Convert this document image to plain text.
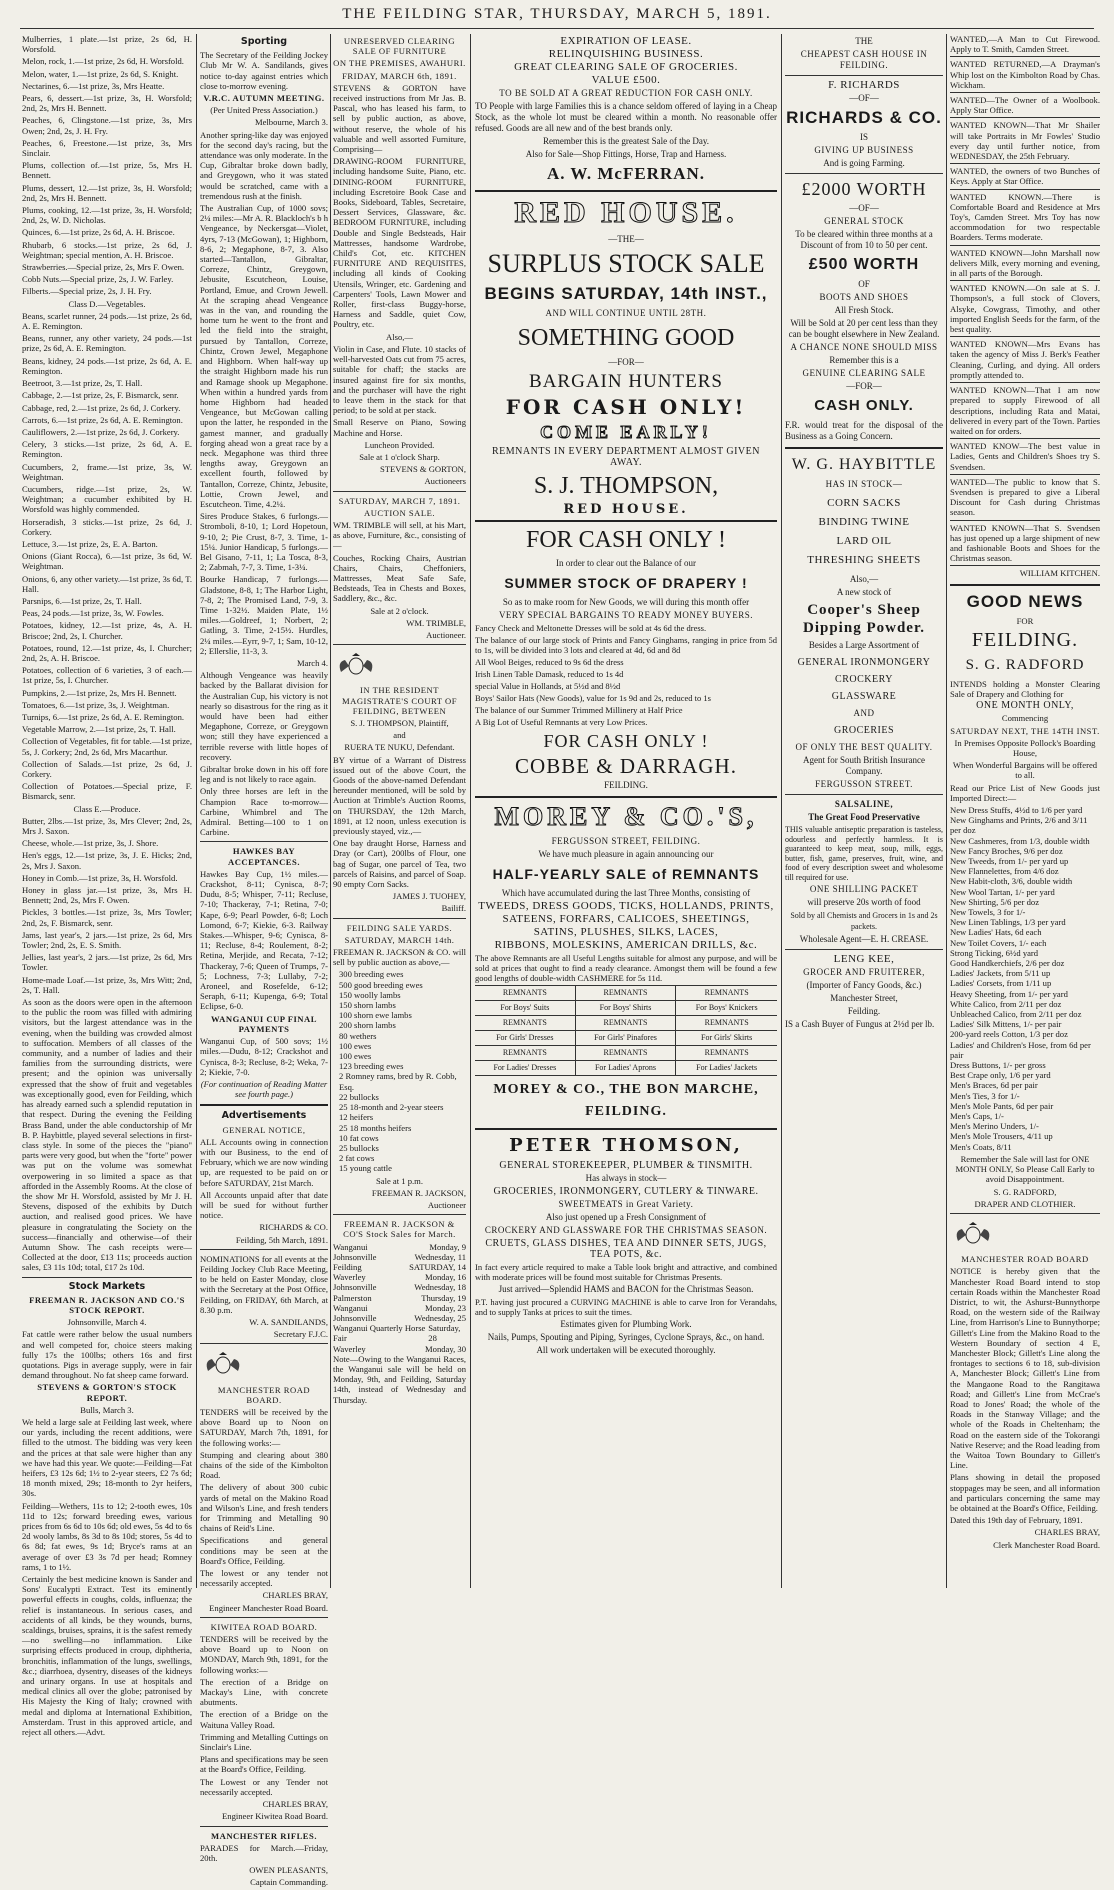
THE FEILDING STAR, THURSDAY, MARCH 5, 1891.

Mulberries, 1 plate.—1st prize, 2s 6d, H. Worsfold.

Melon, rock, 1.—1st prize, 2s 6d, H. Worsfold.

Melon, water, 1.—1st prize, 2s 6d, S. Knight.

Nectarines, 6.—1st prize, 3s, Mrs Heatte.

Pears, 6, dessert.—1st prize, 3s, H. Worsfold; 2nd, 2s, Mrs H. Bennett.

Peaches, 6, Clingstone.—1st prize, 3s, Mrs Owen; 2nd, 2s, J. H. Fry.

Peaches, 6, Freestone.—1st prize, 3s, Mrs Sinclair.

Plums, collection of.—1st prize, 5s, Mrs H. Bennett.

Plums, dessert, 12.—1st prize, 3s, H. Worsfold; 2nd, 2s, Mrs H. Bennett.

Plums, cooking, 12.—1st prize, 3s, H. Worsfold; 2nd, 2s, W. D. Nicholas.

Quinces, 6.—1st prize, 2s 6d, A. H. Briscoe.

Rhubarb, 6 stocks.—1st prize, 2s 6d, J. Weightman; special mention, A. H. Briscoe.

Strawberries.—Special prize, 2s, Mrs F. Owen.

Cobb Nuts.—Special prize, 2s, J. W. Farley.

Filberts.—Special prize, 2s, J. H. Fry.

Class D.—Vegetables.

Beans, scarlet runner, 24 pods.—1st prize, 2s 6d, A. E. Remington.

Beans, runner, any other variety, 24 pods.—1st prize, 2s 6d, A. E. Remington.

Beans, kidney, 24 pods.—1st prize, 2s 6d, A. E. Remington.

Beetroot, 3.—1st prize, 2s, T. Hall.

Cabbage, 2.—1st prize, 2s, F. Bismarck, senr.

Cabbage, red, 2.—1st prize, 2s 6d, J. Corkery.

Carrots, 6.—1st prize, 2s 6d, A. E. Remington.

Cauliflowers, 2.—1st prize, 2s 6d, J. Corkery.

Celery, 3 sticks.—1st prize, 2s 6d, A. E. Remington.

Cucumbers, 2, frame.—1st prize, 3s, W. Weightman.

Cucumbers, ridge.—1st prize, 2s, W. Weightman; a cucumber exhibited by H. Worsfold was highly commended.

Horseradish, 3 sticks.—1st prize, 2s 6d, J. Corkery.

Lettuce, 3.—1st prize, 2s, E. A. Barton.

Onions (Giant Rocca), 6.—1st prize, 3s 6d, W. Weightman.

Onions, 6, any other variety.—1st prize, 3s 6d, T. Hall.

Parsnips, 6.—1st prize, 2s, T. Hall.

Peas, 24 pods.—1st prize, 3s, W. Fowles.

Potatoes, kidney, 12.—1st prize, 4s, A. H. Briscoe; 2nd, 2s, I. Churcher.

Potatoes, round, 12.—1st prize, 4s, I. Churcher; 2nd, 2s, A. H. Briscoe.

Potatoes, collection of 6 varieties, 3 of each.—1st prize, 5s, I. Churcher.

Pumpkins, 2.—1st prize, 2s, Mrs H. Bennett.

Tomatoes, 6.—1st prize, 3s, J. Weightman.

Turnips, 6.—1st prize, 2s 6d, A. E. Remington.

Vegetable Marrow, 2.—1st prize, 2s, T. Hall.

Collection of Vegetables, fit for table.—1st prize, 5s, J. Corkery; 2nd, 2s 6d, Mrs Macarthur.

Collection of Salads.—1st prize, 2s 6d, J. Corkery.

Collection of Potatoes.—Special prize, F. Bismarck, senr.

Class E.—Produce.

Butter, 2lbs.—1st prize, 3s, Mrs Clever; 2nd, 2s, Mrs J. Saxon.

Cheese, whole.—1st prize, 3s, J. Shore.

Hen's eggs, 12.—1st prize, 3s, J. E. Hicks; 2nd, 2s, Mrs J. Saxon.

Honey in Comb.—1st prize, 3s, H. Worsfold.

Honey in glass jar.—1st prize, 3s, Mrs H. Bennett; 2nd, 2s, Mrs F. Owen.

Pickles, 3 bottles.—1st prize, 3s, Mrs Towler; 2nd, 2s, F. Bismarck, senr.

Jams, last year's, 2 jars.—1st prize, 2s 6d, Mrs Towler; 2nd, 2s, E. S. Smith.

Jellies, last year's, 2 jars.—1st prize, 2s 6d, Mrs Towler.

Home-made Loaf.—1st prize, 3s, Mrs Witt; 2nd, 2s, T. Hall.

As soon as the doors were open in the afternoon to the public the room was filled with admiring visitors, but the largest attendance was in the evening, when the building was crowded almost to suffocation. Members of all classes of the community, and a number of ladies and their families from the surrounding districts, were present; and the opinion was universally expressed that the show of fruit and vegetables was exceptionally good, even for Feilding, which has already earned such a splendid reputation in that respect. During the evening the Feilding Brass Band, under the able conductorship of Mr B. P. Haybittle, played several selections in first-class style. In some of the pieces the "piano" parts were very good, but when the "forte" power was put on the volume was somewhat overpowering in so limited a space as that afforded in the Assembly Rooms. At the close of the show Mr H. Worsfold, assisted by Mr J. H. Stevens, disposed of the exhibits by Dutch auction, and realised good prices. We have pleasure in congratulating the Society on the success—financially and otherwise—of their Autumn Show. The cash receipts were—Collected at the door, £13 11s; proceeds auction sales, £3 11s 10d; total, £17 2s 10d.

Stock Markets
FREEMAN R. JACKSON AND CO.'S STOCK REPORT.
Johnsonville, March 4.

Fat cattle were rather below the usual numbers and well competed for, choice steers making fully 17s the 100lbs; others 16s and first quotations. Pigs in average supply, were in fair demand throughout. No fat sheep came forward.

STEVENS & GORTON'S STOCK REPORT.
Bulls, March 3.

We held a large sale at Feilding last week, where our yards, including the recent additions, were filled to the utmost. The bidding was very keen and the prices at that sale were higher than any we have had this year. We quote:—Feilding—Fat heifers, £3 12s 6d; 1½ to 2-year steers, £2 7s 6d; 18 month mixed, 29s; 18-month to 2yr heifers, 30s.

Feilding—Wethers, 11s to 12; 2-tooth ewes, 10s 11d to 12s; forward breeding ewes, various prices from 6s 6d to 10s 6d; old ewes, 5s 4d to 6s 2d wooly lambs, 8s 3d to 8s 10d; stores, 5s 4d to 6s 8d; fat ewes, 9s 1d; Bryce's rams at an average of over £3 3s 7d per head; Romney rams, 1 to 1½.

Certainly the best medicine known is Sander and Sons' Eucalypti Extract. Test its eminently powerful effects in coughs, colds, influenza; the relief is instantaneous. In serious cases, and accidents of all kinds, be they wounds, burns, scaldings, bruises, sprains, it is the safest remedy—no swelling—no inflammation. Like surprising effects produced in croup, diphtheria, bronchitis, inflammation of the lungs, swellings, &c.; diarrhoea, dysentry, diseases of the kidneys and urinary organs. In use at hospitals and medical clinics all over the globe; patronised by His Majesty the King of Italy; crowned with medal and diploma at International Exhibition, Amsterdam. Trust in this approved article, and reject all others.—Advt.

Sporting

The Secretary of the Feilding Jockey Club Mr W. A. Sandilands, gives notice to-day against entries which close to-morrow evening.

V.R.C. AUTUMN MEETING.
(Per United Press Association.)
Melbourne, March 3.

Another spring-like day was enjoyed for the second day's racing, but the attendance was only moderate. In the Cup, Gibraltar broke down badly, and Greygown, who it was stated would be scratched, came with a tremendous rush at the finish.

The Australian Cup, of 1000 sovs; 2¼ miles:—Mr A. R. Blackloch's b h Vengeance, by Neckersgat—Violet, 4yrs, 7-13 (McGowan), 1; Highborn, 8-6, 2; Megaphone, 8-7, 3. Also started—Tantallon, Gibraltar, Correze, Chintz, Greygown, Jebusite, Escutcheon, Louise, Portland, Emue, and Crown Jewell. At the scraping ahead Vengeance was in the van, and rounding the home turn he went to the front and led the field into the straight, pursued by Tantallon, Correze, Chintz, Crown Jewel, Megaphone and Highborn. When half-way up the straight Highborn made his run and Ramage shook up Megaphone. When within a hundred yards from home Highborn had headed Vengeance, but McGowan calling upon the latter, he responded in the gamest manner, and gradually forging ahead won a great race by a neck. Megaphone was third three lengths away, Greygown an excellent fourth, followed by Tantallon, Correze, Chintz, Jebusite, Lottie, Crown Jewel, and Escutcheon. Time, 4.2¼.

Sires Produce Stakes, 6 furlongs.—Stromboli, 8-10, 1; Lord Hopetoun, 9-10, 2; Pie Crust, 8-7, 3. Time, 1-15¼. Junior Handicap, 5 furlongs.—Bel Gisano, 7-11, 1; La Tosca, 8-3, 2; Zabmah, 7-7, 3. Time, 1-3¼.

Bourke Handicap, 7 furlongs.—Gladstone, 8-8, 1; The Harbor Light, 7-8, 2; The Promised Land, 7-9, 3. Time 1-32½. Maiden Plate, 1½ miles.—Goldreef, 1; Norbert, 2; Gatling, 3. Time, 2-15½. Hurdles, 2¼ miles.—Eyrr, 9-7, 1; Sam, 10-12, 2; Ellerslie, 11-3, 3.

March 4.

Although Vengeance was heavily backed by the Ballarat division for the Australian Cup, his victory is not nearly so disastrous for the ring as it would have been had either Megaphone, Correze, or Greygown won; still they have experienced a terrible reverse with little hopes of recovery.

Gibraltar broke down in his off fore leg and is not likely to race again.

Only three horses are left in the Champion Race to-morrow—Carbine, Whimbrel and The Admiral. Betting—100 to 1 on Carbine.

HAWKES BAY ACCEPTANCES.

Hawkes Bay Cup, 1½ miles.—Crackshot, 8-11; Cynisca, 8-7; Dudu, 8-5; Whisper, 7-11; Recluse, 7-10; Thackeray, 7-1; Retina, 7-0; Kape, 6-9; Pearl Powder, 6-8; Loch Lomond, 6-7; Kiekie, 6-3. Railway Stakes.—Whisper, 9-6; Cynisca, 8-11; Recluse, 8-4; Roulement, 8-2; Retina, Merjide, and Recata, 7-12; Thackeray, 7-6; Queen of Trumps, 7-5; Lochness, 7-3; Lullaby, 7-2; Aroneel, and Rosefelde, 6-12; Seraph, 6-11; Kupenga, 6-9; Total Eclipse, 6-0.

WANGANUI CUP FINAL PAYMENTS

Wanganui Cup, of 500 sovs; 1½ miles.—Dudu, 8-12; Crackshot and Cynisca, 8-3; Recluse, 8-2; Weka, 7-2; Kiekie, 7-0.

(For continuation of Reading Matter see fourth page.)
Advertisements
GENERAL NOTICE,

ALL Accounts owing in connection with our Business, to the end of February, which we are now winding up, are requested to be paid on or before SATURDAY, 21st March.

All Accounts unpaid after that date will be sued for without further notice.

RICHARDS & CO.
Feilding, 5th March, 1891.

NOMINATIONS for all events at the Feilding Jockey Club Race Meeting, to be held on Easter Monday, close with the Secretary at the Post Office, Feilding, on FRIDAY, 6th March, at 8.30 p.m.

W. A. SANDILANDS,
Secretary F.J.C.
MANCHESTER ROAD BOARD.

TENDERS will be received by the above Board up to Noon on SATURDAY, March 7th, 1891, for the following works:—

Stumping and clearing about 380 chains of the side of the Kimbolton Road.

The delivery of about 300 cubic yards of metal on the Makino Road and Wilson's Line, and fresh tenders for Trimming and Metalling 90 chains of Reid's Line.

Specifications and general conditions may be seen at the Board's Office, Feilding.

The lowest or any tender not necessarily accepted.

CHARLES BRAY,
Engineer Manchester Road Board.
KIWITEA ROAD BOARD.

TENDERS will be received by the above Board up to Noon on MONDAY, March 9th, 1891, for the following works:—

The erection of a Bridge on Mackay's Line, with concrete abutments.

The erection of a Bridge on the Waituna Valley Road.

Trimming and Metalling Cuttings on Sinclair's Line.

Plans and specifications may be seen at the Board's Office, Feilding.

The Lowest or any Tender not necessarily accepted.

CHARLES BRAY,
Engineer Kiwitea Road Board.
MANCHESTER RIFLES.

PARADES for March.—Friday, 20th.

OWEN PLEASANTS,
Captain Commanding.
UNRESERVED CLEARING SALE OF FURNITURE
ON THE PREMISES, AWAHURI.
FRIDAY, MARCH 6th, 1891.

STEVENS & GORTON have received instructions from Mr Jas. B. Pascal, who has leased his farm, to sell by public auction, as above, without reserve, the whole of his valuable and well assorted Furniture, Comprising—

DRAWING-ROOM FURNITURE, including handsome Suite, Piano, etc. DINING-ROOM FURNITURE, including Escretoire Book Case and Books, Sideboard, Tables, Secretaire, Dessert Services, Glassware, &c. BEDROOM FURNITURE, including Double and Single Bedsteads, Hair Mattresses, handsome Wardrobe, Child's Cot, etc. KITCHEN FURNITURE AND REQUISITES, including all kinds of Cooking Utensils, Wringer, etc. Gardening and Carpenters' Tools, Lawn Mower and Roller, first-class Buggy-horse, Harness and Saddle, quiet Cow, Poultry, etc.

Also,—

Violin in Case, and Flute. 10 stacks of well-harvested Oats cut from 75 acres, suitable for chaff; the stacks are insured against fire for six months, and the purchaser will have the right to leave them in the stack for that period; to be sold at per stack.

Small Reserve on Piano, Sowing Machine and Horse.

Luncheon Provided.
Sale at 1 o'clock Sharp.
STEVENS & GORTON,
Auctioneers
SATURDAY, MARCH 7, 1891.
AUCTION SALE.

WM. TRIMBLE will sell, at his Mart, as above, Furniture, &c., consisting of—

Couches, Rocking Chairs, Austrian Chairs, Chairs, Cheffoniers, Mattresses, Meat Safe Safe, Bedsteads, Tea in Chests and Boxes, Saddlery, &c., &c.

Sale at 2 o'clock.
WM. TRIMBLE,
Auctioneer.
IN THE RESIDENT MAGISTRATE'S COURT OF FEILDING, BETWEEN
S. J. THOMPSON, Plaintiff,
and
RUERA TE NUKU, Defendant.

BY virtue of a Warrant of Distress issued out of the above Court, the Goods of the above-named Defendant hereunder mentioned, will be sold by Auction at Trimble's Auction Rooms, on THURSDAY, the 12th March, 1891, at 12 noon, unless execution is previously stayed, viz.,—

One bay draught Horse, Harness and Dray (or Cart), 200lbs of Flour, one bag of Sugar, one parcel of Tea, two parcels of Raisins, and parcel of Soap. 90 empty Corn Sacks.

JAMES J. TUOHEY,
Bailiff.
FEILDING SALE YARDS.
SATURDAY, MARCH 14th.

FREEMAN R. JACKSON & CO. will sell by public auction as above,—

300 breeding ewes
500 good breeding ewes
150 woolly lambs
150 shorn lambs
100 shorn ewe lambs
200 shorn lambs
80 wethers
100 ewes
100 ewes
123 breeding ewes
2 Romney rams, bred by R. Cobb, Esq.
22 bullocks
25 18-month and 2-year steers
12 heifers
25 18 months heifers
10 fat cows
25 bullocks
2 fat cows
15 young cattle
Sale at 1 p.m.
FREEMAN R. JACKSON,
Auctioneer
FREEMAN R. JACKSON & CO'S Stock Sales for March.
Wanganui	Monday, 9
Johnsonville	Wednesday, 11
Feilding	SATURDAY, 14
Waverley	Monday, 16
Johnsonville	Wednesday, 18
Palmerston	Thursday, 19
Wanganui	Monday, 23
Johnsonville	Wednesday, 25
Wanganui Quarterly Horse Fair
Saturday, 28
Waverley	Monday, 30

Note—Owing to the Wanganui Races, the Wanganui sale will be held on Monday, 9th, and Feilding, Saturday 14th, instead of Wednesday and Thursday.

EXPIRATION OF LEASE.
RELINQUISHING BUSINESS.
GREAT CLEARING SALE OF GROCERIES.
VALUE £500.
TO BE SOLD AT A GREAT REDUCTION FOR CASH ONLY.

TO People with large Families this is a chance seldom offered of laying in a Cheap Stock, as the whole lot must be cleared within a month. No reasonable offer refused. Goods are all new and of the best brands only.

Remember this is the greatest Sale of the Day.
Also for Sale—Shop Fittings, Horse, Trap and Harness.
A. W. McFERRAN.
RED HOUSE.
—THE—
SURPLUS STOCK SALE
BEGINS SATURDAY, 14th INST.,
AND WILL CONTINUE UNTIL 28TH.
SOMETHING GOOD
—FOR—
BARGAIN HUNTERS
FOR CASH ONLY!
COME EARLY!
REMNANTS IN EVERY DEPARTMENT ALMOST GIVEN AWAY.
S. J. THOMPSON,
RED HOUSE.
FOR CASH ONLY !
In order to clear out the Balance of our
SUMMER STOCK OF DRAPERY !
So as to make room for New Goods, we will during this month offer
VERY SPECIAL BARGAINS TO READY MONEY BUYERS.

Fancy Check and Meltonette Dresses will be sold at 4s 6d the dress.

The balance of our large stock of Prints and Fancy Ginghams, ranging in price from 5d to 1s, will be divided into 3 lots and cleared at 4d, 6d and 8d

All Wool Beiges, reduced to 9s 6d the dress

Irish Linen Table Damask, reduced to 1s 4d

special Value in Hollands, at 5½d and 8½d

Boys' Sailor Hats (New Goods), value for 1s 9d and 2s, reduced to 1s

The balance of our Summer Trimmed Millinery at Half Price

A Big Lot of Useful Remnants at very Low Prices.

FOR CASH ONLY !
COBBE & DARRAGH.
FEILDING.
MOREY & CO.'S,
FERGUSSON STREET, FEILDING.
We have much pleasure in again announcing our
HALF-YEARLY SALE of REMNANTS
Which have accumulated during the last Three Months, consisting of
TWEEDS, DRESS GOODS, TICKS, HOLLANDS, PRINTS,
SATEENS, FORFARS, CALICOES, SHEETINGS,
SATINS, PLUSHES, SILKS, LACES,
RIBBONS, MOLESKINS, AMERICAN DRILLS, &c.

The above Remnants are all Useful Lengths suitable for almost any purpose, and will be sold at prices that ought to find a ready clearance. Amongst them will be found a few good lengths of double-width CASHMERE for 5s 11d.

REMNANTS	REMNANTS	REMNANTS
For Boys' Suits	For Boys' Shirts	For Boys' Knickers
REMNANTS	REMNANTS	REMNANTS
For Girls' Dresses	For Girls' Pinafores	For Girls' Skirts
REMNANTS	REMNANTS	REMNANTS
For Ladies' Dresses	For Ladies' Aprons	For Ladies' Jackets
MOREY & CO., THE BON MARCHE, FEILDING.
PETER THOMSON,
GENERAL STOREKEEPER, PLUMBER & TINSMITH.
Has always in stock—
GROCERIES, IRONMONGERY, CUTLERY & TINWARE.
SWEETMEATS in Great Variety.
Also just opened up a Fresh Consignment of
CROCKERY AND GLASSWARE FOR THE CHRISTMAS SEASON.
CRUETS, GLASS DISHES, TEA AND DINNER SETS, JUGS, TEA POTS, &c.

In fact every article required to make a Table look bright and attractive, and combined with moderate prices will be found most suitable for Christmas Presents.

Just arrived—Splendid HAMS and BACON for the Christmas Season.

P.T. having just procured a CURVING MACHINE is able to carve Iron for Verandahs, and to supply Tanks at prices to suit the times.

Estimates given for Plumbing Work.
Nails, Pumps, Spouting and Piping, Syringes, Cyclone Sprays, &c., on hand.
All work undertaken will be executed thoroughly.
THE
CHEAPEST CASH HOUSE IN FEILDING.
F. RICHARDS
—OF—
RICHARDS & CO.
IS
GIVING UP BUSINESS
And is going Farming.
£2000 WORTH
—OF—
GENERAL STOCK
To be cleared within three months at a Discount of from 10 to 50 per cent.
£500 WORTH
OF
BOOTS AND SHOES
All Fresh Stock.
Will be Sold at 20 per cent less than they can be bought elsewhere in New Zealand.
A CHANCE NONE SHOULD MISS
Remember this is a
GENUINE CLEARING SALE
—FOR—
CASH ONLY.

F.R. would treat for the disposal of the Business as a Going Concern.

W. G. HAYBITTLE
HAS IN STOCK—
CORN SACKS
BINDING TWINE
LARD OIL
THRESHING SHEETS
Also,—
A new stock of
Cooper's Sheep Dipping Powder.
Besides a Large Assortment of
GENERAL IRONMONGERY
CROCKERY
GLASSWARE
AND
GROCERIES
OF ONLY THE BEST QUALITY.
Agent for South British Insurance Company.
FERGUSSON STREET.
SALSALINE,
The Great Food Preservative

THIS valuable antiseptic preparation is tasteless, odourless and perfectly harmless. It is guaranteed to keep meat, soup, milk, eggs, butter, fish, game, preserves, fruit, wine, and food of every description sweet and wholesome till required for use.

ONE SHILLING PACKET
will preserve 20s worth of food
Sold by all Chemists and Grocers in 1s and 2s packets.
Wholesale Agent—E. H. CREASE.
LENG KEE,
GROCER AND FRUITERER,
(Importer of Fancy Goods, &c.)
Manchester Street,
Feilding.

IS a Cash Buyer of Fungus at 2½d per lb.

WANTED,—A Man to Cut Firewood. Apply to T. Smith, Camden Street.

WANTED RETURNED,—A Drayman's Whip lost on the Kimbolton Road by Chas. Wickham.

WANTED—The Owner of a Woolbook. Apply Star Office.

WANTED KNOWN—That Mr Shailer will take Portraits in Mr Fowles' Studio every day until further notice, from WEDNESDAY, the 25th February.

WANTED, the owners of two Bunches of Keys. Apply at Star Office.

WANTED KNOWN.—There is Comfortable Board and Residence at Mrs Toy's, Camden Street. Mrs Toy has now accommodation for two respectable Boarders. Terms moderate.

WANTED KNOWN—John Marshall now delivers Milk, every morning and evening, in all parts of the Borough.

WANTED KNOWN.—On sale at S. J. Thompson's, a full stock of Clovers, Alsyke, Cowgrass, Timothy, and other imported English Seeds for the farm, of the best quality.

WANTED KNOWN—Mrs Evans has taken the agency of Miss J. Berk's Feather Cleaning, Curling, and dying. All orders promptly attended to.

WANTED KNOWN—That I am now prepared to supply Firewood of all descriptions, including Rata and Matai, delivered in every part of the Town. Parties waited on for orders.

WANTED KNOW—The best value in Ladies, Gents and Children's Shoes try S. Svendsen.

WANTED—The public to know that S. Svendsen is prepared to give a Liberal Discount for Cash during Christmas season.

WANTED KNOWN—That S. Svendsen has just opened up a large shipment of new and fashionable Boots and Shoes for the Christmas season.

WILLIAM KITCHEN.
GOOD NEWS
FOR
FEILDING.
S. G. RADFORD

INTENDS holding a Monster Clearing Sale of Drapery and Clothing for

ONE MONTH ONLY,
Commencing
SATURDAY NEXT, THE 14TH INST.
In Premises Opposite Pollock's Boarding House,
When Wonderful Bargains will be offered to all.

Read our Price List of New Goods just Imported Direct:—

New Dress Stuffs, 4½d to 1/6 per yard
New Ginghams and Prints, 2/6 and 3/11 per doz
New Cashmeres, from 1/3, double width
New Fancy Broches, 9/6 per doz
New Tweeds, from 1/- per yard up
New Flannelettes, from 4/6 doz
New Habit-cloth, 3/6, double width
New Wool Tartan, 1/- per yard
New Shirting, 5/6 per doz
New Towels, 3 for 1/-
New Linen Tablings, 1/3 per yard
New Ladies' Hats, 6d each
New Toilet Covers, 1/- each
Strong Ticking, 6½d yard
Good Handkerchiefs, 2/6 per doz
Ladies' Jackets, from 5/11 up
Ladies' Corsets, from 1/11 up
Heavy Sheeting, from 1/- per yard
White Calico, from 2/11 per doz
Unbleached Calico, from 2/11 per doz
Ladies' Silk Mittens, 1/- per pair
200-yard reels Cotton, 1/3 per doz
Ladies' and Children's Hose, from 6d per pair
Dress Buttons, 1/- per gross
Best Crape only, 1/6 per yard
Men's Braces, 6d per pair
Men's Ties, 3 for 1/-
Men's Mole Pants, 6d per pair
Men's Caps, 1/-
Men's Merino Unders, 1/-
Men's Mole Trousers, 4/11 up
Men's Coats, 8/11

Remember the Sale will last for ONE MONTH ONLY, So Please Call Early to avoid Disappointment.

S. G. RADFORD,
DRAPER AND CLOTHIER.
MANCHESTER ROAD BOARD

NOTICE is hereby given that the Manchester Road Board intend to stop certain Roads within the Manchester Road District, to wit, the Ashurst-Bunnythorpe Road, on the western side of the Railway Line, from Harrison's Line to Bunnythorpe; Gillett's Line from the Makino Road to the Western Boundary of section 4 E, Manchester Block; Gillett's Line along the frontages to sections 6 to 18, sub-division A, Manchester Block; Gillett's Line from the Mangaone Road to the Rangitawa Road; and Gillett's Line from McCrae's Road to Jones' Road; the whole of the Roads in the Stanway Village; and the whole of the Roads in Cheltenham; the Road on the eastern side of the Tokorangi Native Reserve; and the Road leading from the Waitoa Town Boundary to Gillett's Line.

Plans showing in detail the proposed stoppages may be seen, and all information and particulars concerning the same may be obtained at the Board's Office, Feilding.

Dated this 19th day of February, 1891.

CHARLES BRAY,
Clerk Manchester Road Board.
